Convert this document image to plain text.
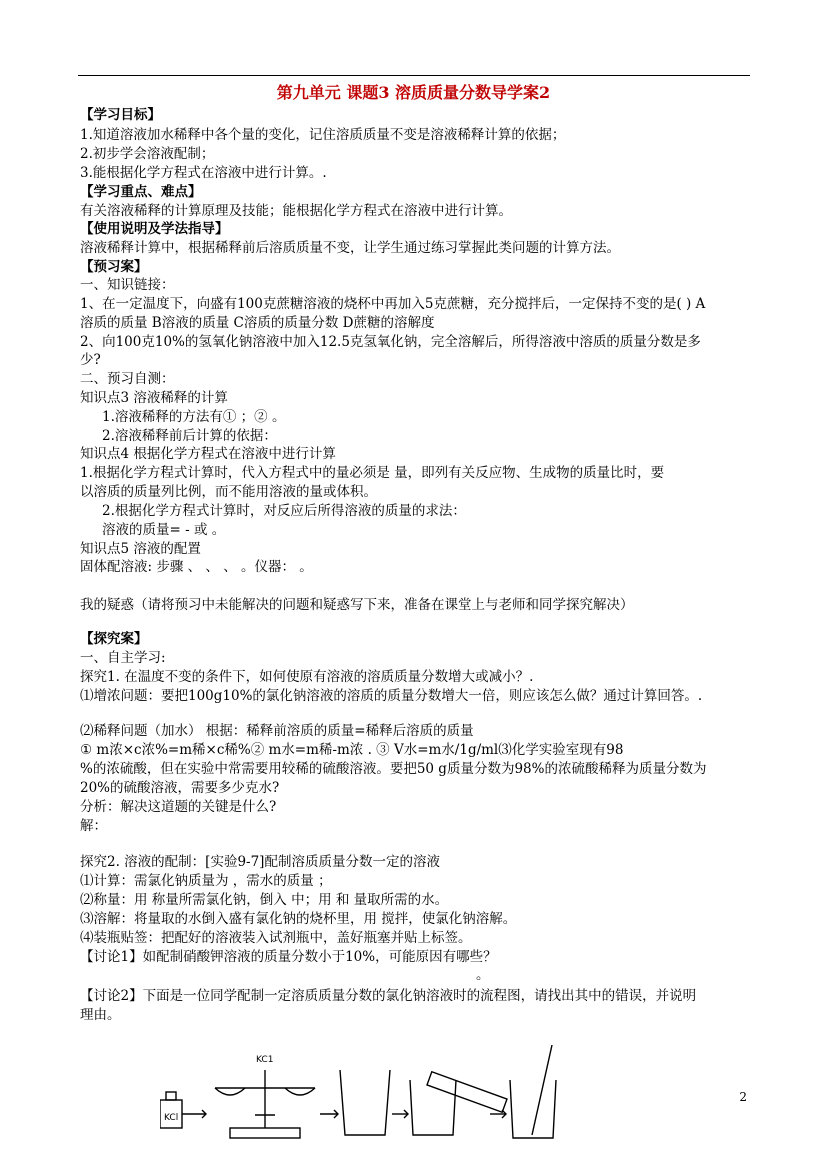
第九单元 课题3 溶质质量分数导学案2
【学习目标】
1.知道溶液加水稀释中各个量的变化，记住溶质质量不变是溶液稀释计算的依据；
2.初步学会溶液配制；
3.能根据化学方程式在溶液中进行计算。.
【学习重点、难点】
有关溶液稀释的计算原理及技能；能根据化学方程式在溶液中进行计算。
【使用说明及学法指导】
溶液稀释计算中，根据稀释前后溶质质量不变，让学生通过练习掌握此类问题的计算方法。
【预习案】
一、知识链接：
1、在一定温度下，向盛有100克蔗糖溶液的烧杯中再加入5克蔗糖，充分搅拌后，一定保持不变的是( ) A
溶质的质量 B溶液的质量 C溶质的质量分数 D蔗糖的溶解度
2、向100克10%的氢氧化钠溶液中加入12.5克氢氧化钠，完全溶解后，所得溶液中溶质的质量分数是多
少?
二、预习自测：
知识点3 溶液稀释的计算
1.溶液稀释的方法有① ；② 。
2.溶液稀释前后计算的依据：
知识点4 根据化学方程式在溶液中进行计算
1.根据化学方程式计算时，代入方程式中的量必须是 量，即列有关反应物、生成物的质量比时，要
以溶质的质量列比例，而不能用溶液的量或体积。
2.根据化学方程式计算时，对反应后所得溶液的质量的求法：
溶液的质量= - 或 。
知识点5 溶液的配置
固体配溶液: 步骤 、 、 、 。仪器： 。
我的疑惑（请将预习中未能解决的问题和疑惑写下来，准备在课堂上与老师和同学探究解决）
【探究案】
一、自主学习:
探究1. 在温度不变的条件下，如何使原有溶液的溶质质量分数增大或减小？.
⑴增浓问题：要把100g10%的氯化钠溶液的溶质的质量分数增大一倍，则应该怎么做？通过计算回答。.
⑵稀释问题（加水） 根据：稀释前溶质的质量=稀释后溶质的质量
① m浓×c浓%=m稀×c稀%② m水=m稀-m浓 . ③ V水=m水/1g/ml⑶化学实验室现有98
%的浓硫酸，但在实验中常需要用较稀的硫酸溶液。要把50 g质量分数为98%的浓硫酸稀释为质量分数为
20%的硫酸溶液，需要多少克水?
分析：解决这道题的关键是什么?
解：
探究2. 溶液的配制：[实验9-7]配制溶质质量分数一定的溶液
⑴计算：需氯化钠质量为 ，需水的质量 ；
⑵称量：用 称量所需氯化钠，倒入 中；用 和 量取所需的水。
⑶溶解：将量取的水倒入盛有氯化钠的烧杯里，用 搅拌，使氯化钠溶解。
⑷装瓶贴签：把配好的溶液装入试剂瓶中，盖好瓶塞并贴上标签。
【讨论1】如配制硝酸钾溶液的质量分数小于10%，可能原因有哪些？
。
【讨论2】下面是一位同学配制一定溶质质量分数的氯化钠溶液时的流程图，请找出其中的错误，并说明
理由。
KCl
KC1
2
